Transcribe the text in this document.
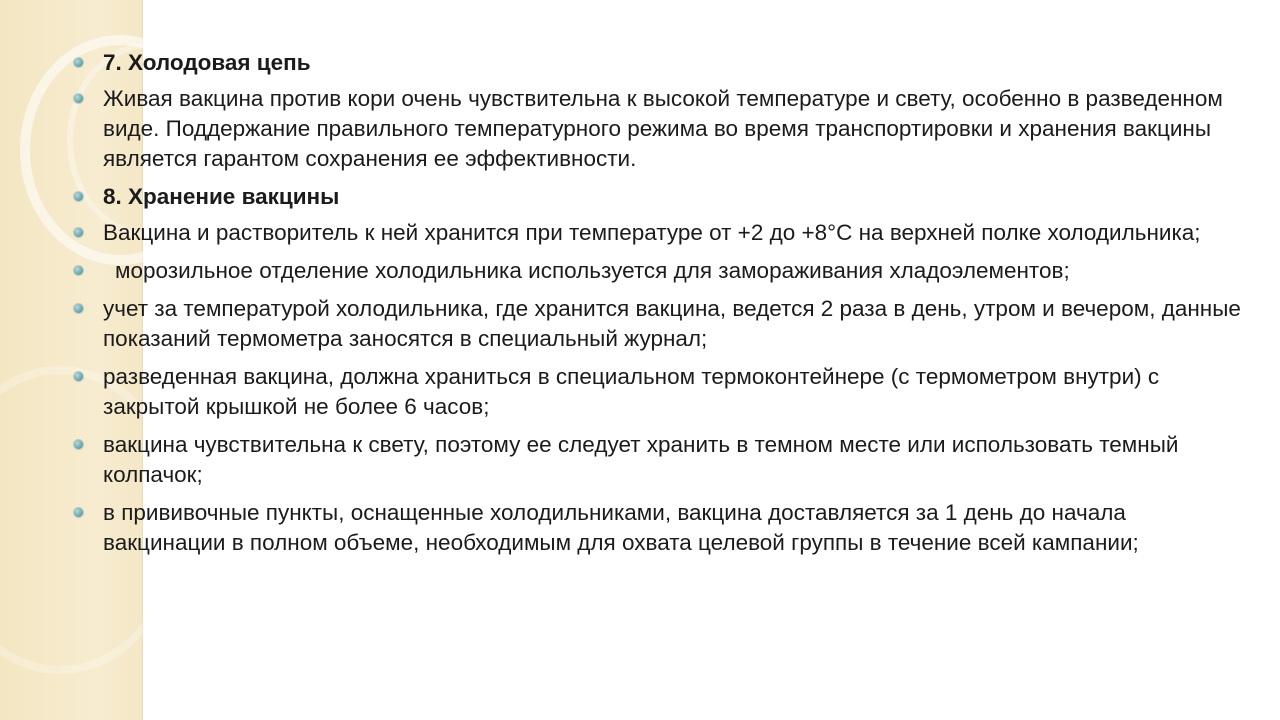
7. Холодовая цепь
Живая вакцина против кори очень чувствительна к высокой температуре и свету, особенно в разведенном виде. Поддержание правильного температурного режима во время транспортировки и хранения вакцины является гарантом сохранения ее эффективности.
8. Хранение вакцины
Вакцина и растворитель к ней хранится при температуре от +2 до +8°С на верхней полке холодильника;
морозильное отделение холодильника используется для замораживания хладоэлементов;
учет за температурой холодильника, где хранится вакцина, ведется 2 раза в день, утром и вечером, данные показаний термометра заносятся в специальный журнал;
разведенная вакцина, должна храниться в специальном термоконтейнере (с термометром внутри) с закрытой крышкой не более 6 часов;
вакцина чувствительна к свету, поэтому ее следует хранить в темном месте или использовать темный колпачок;
в прививочные пункты, оснащенные холодильниками, вакцина доставляется за 1 день до начала вакцинации в полном объеме, необходимым для охвата целевой группы в течение всей кампании;
